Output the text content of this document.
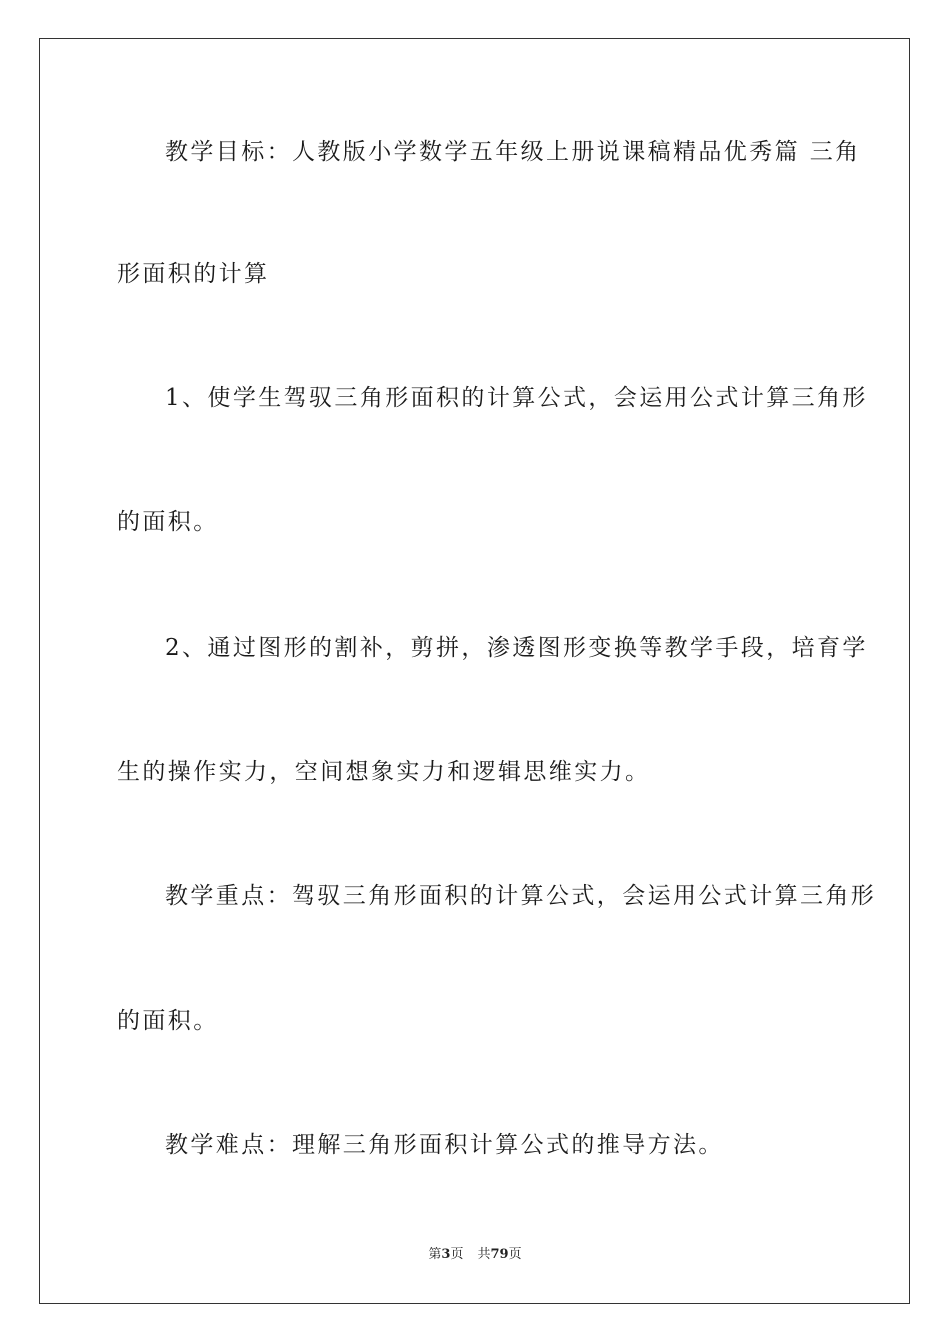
教学目标：人教版小学数学五年级上册说课稿精品优秀篇 三角
形面积的计算
1、使学生驾驭三角形面积的计算公式，会运用公式计算三角形
的面积。
2、通过图形的割补，剪拼，渗透图形变换等教学手段，培育学
生的操作实力，空间想象实力和逻辑思维实力。
教学重点：驾驭三角形面积的计算公式，会运用公式计算三角形
的面积。
教学难点：理解三角形面积计算公式的推导方法。
第3页 共79页
